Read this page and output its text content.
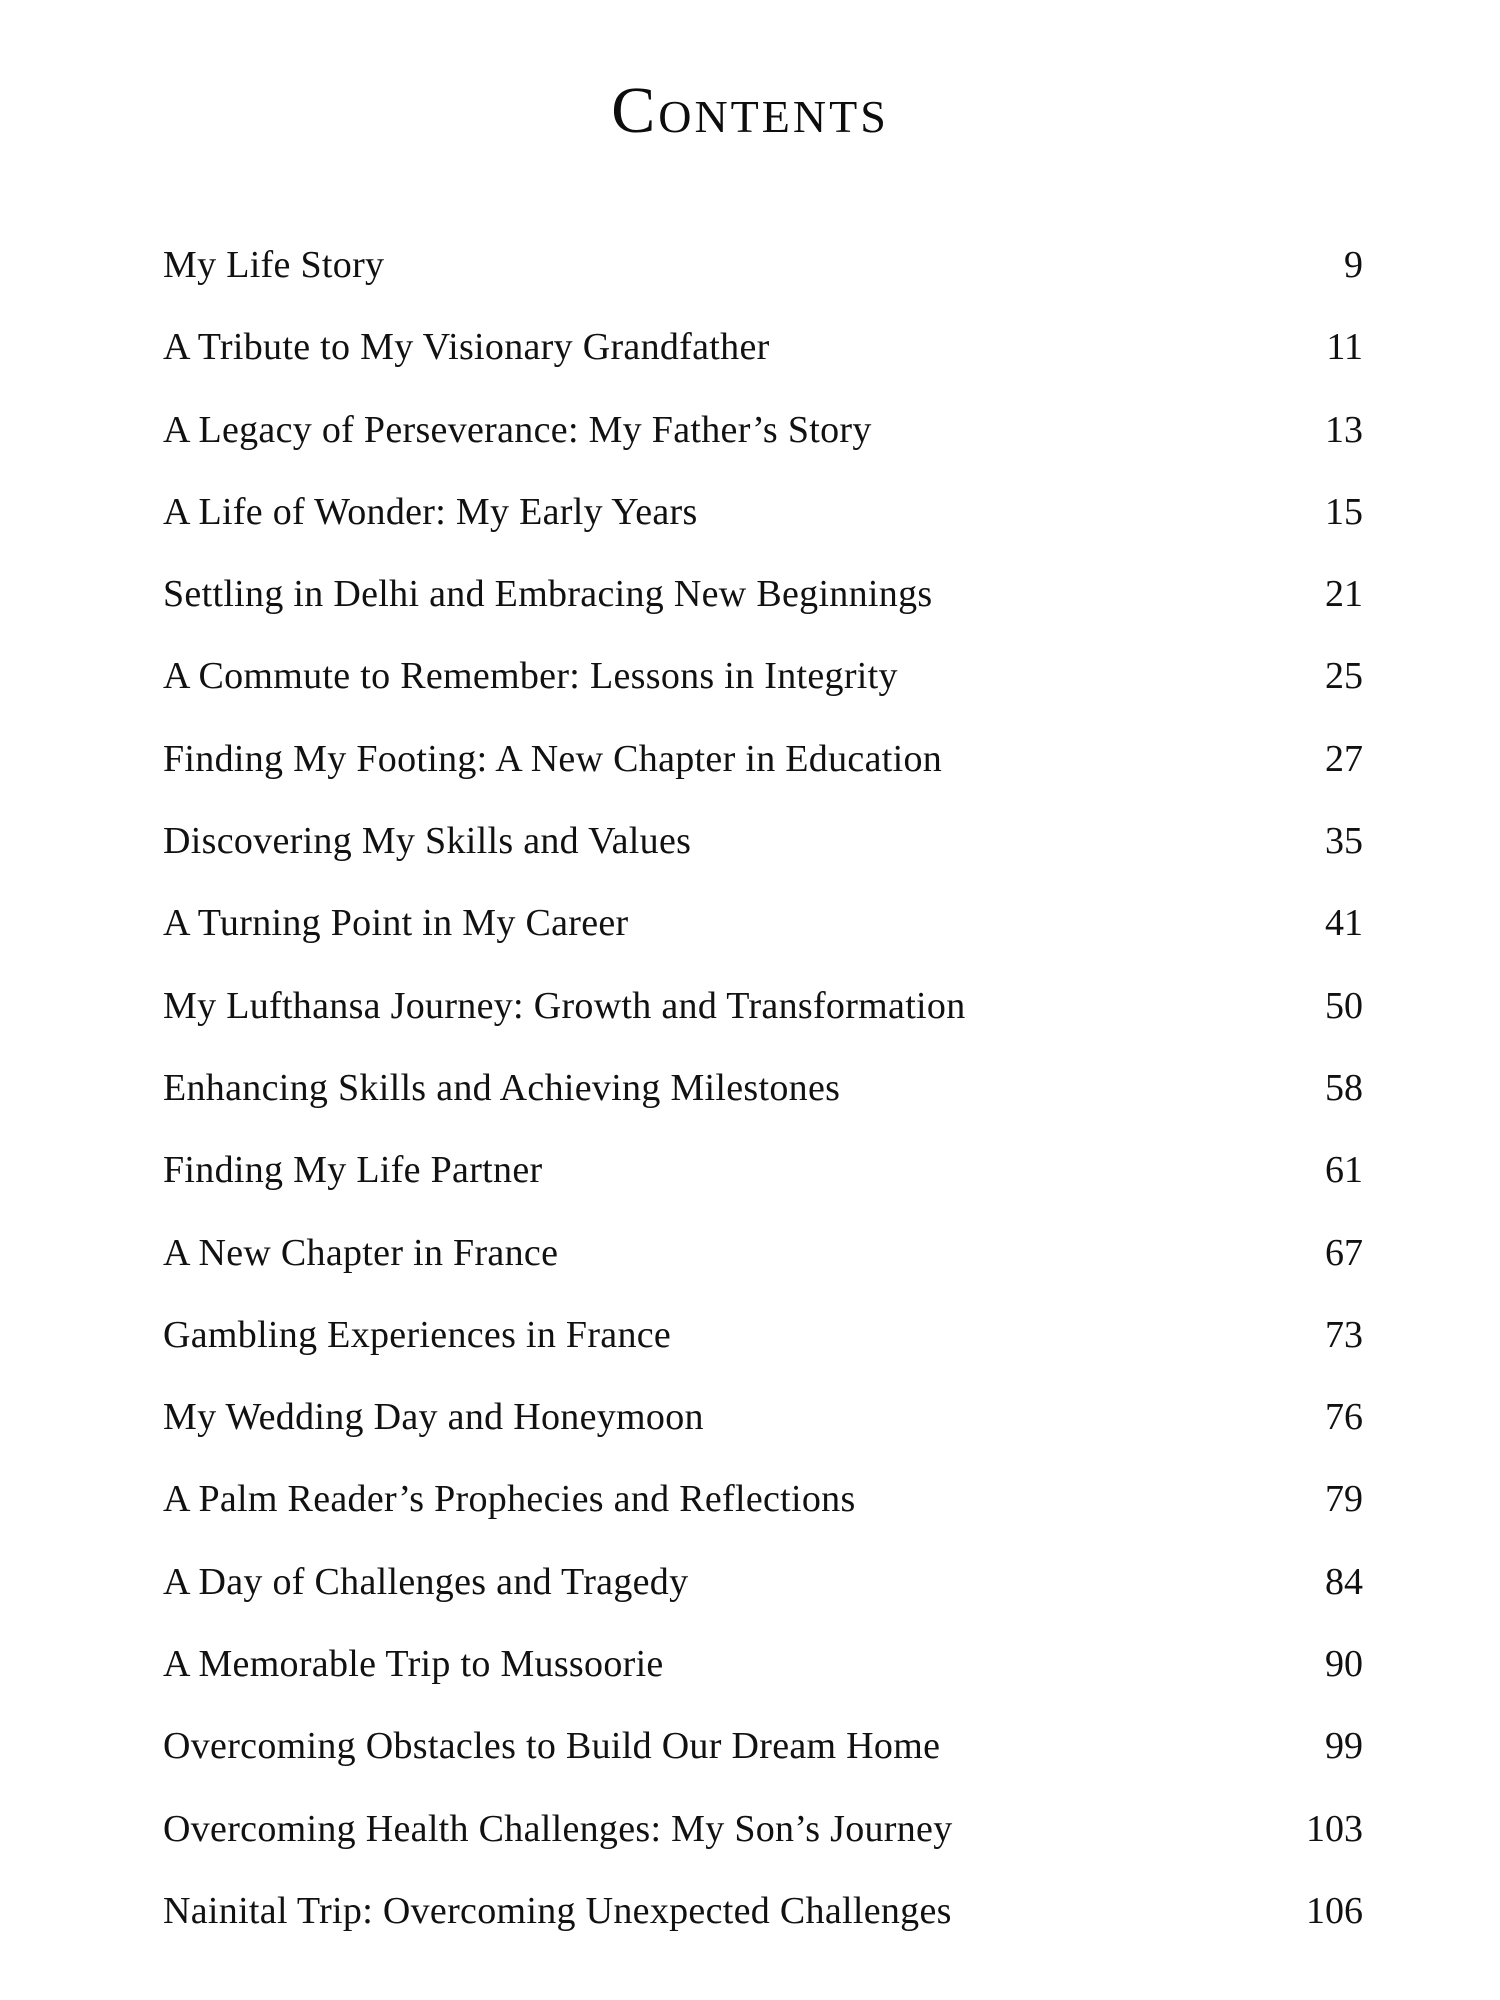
Contents
My Life Story	9
A Tribute to My Visionary Grandfather	11
A Legacy of Perseverance: My Father’s Story	13
A Life of Wonder: My Early Years	15
Settling in Delhi and Embracing New Beginnings	21
A Commute to Remember: Lessons in Integrity	25
Finding My Footing: A New Chapter in Education	27
Discovering My Skills and Values	35
A Turning Point in My Career	41
My Lufthansa Journey: Growth and Transformation	50
Enhancing Skills and Achieving Milestones	58
Finding My Life Partner	61
A New Chapter in France	67
Gambling Experiences in France	73
My Wedding Day and Honeymoon	76
A Palm Reader’s Prophecies and Reflections	79
A Day of Challenges and Tragedy	84
A Memorable Trip to Mussoorie	90
Overcoming Obstacles to Build Our Dream Home	99
Overcoming Health Challenges: My Son’s Journey	103
Nainital Trip: Overcoming Unexpected Challenges	106
